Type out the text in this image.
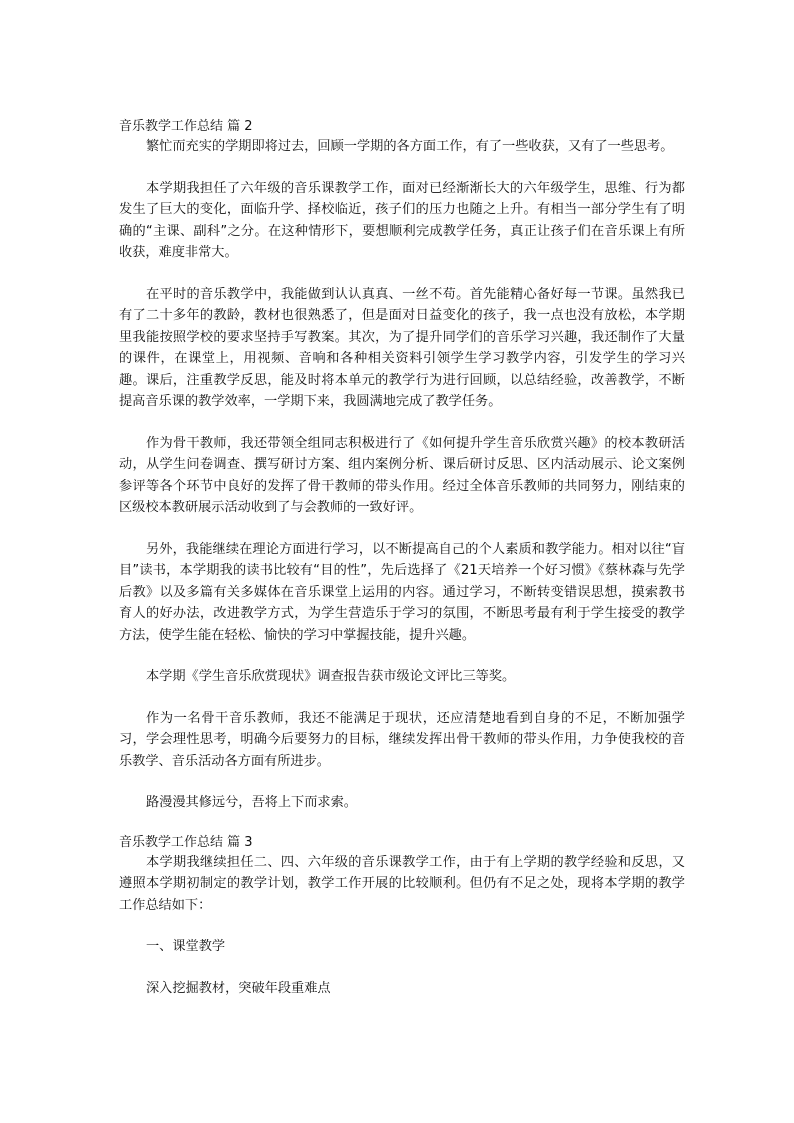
音乐教学工作总结 篇 2

繁忙而充实的学期即将过去，回顾一学期的各方面工作，有了一些收获，又有了一些思考。

本学期我担任了六年级的音乐课教学工作，面对已经渐渐长大的六年级学生，思维、行为都发生了巨大的变化，面临升学、择校临近，孩子们的压力也随之上升。有相当一部分学生有了明确的“主课、副科”之分。在这种情形下，要想顺利完成教学任务，真正让孩子们在音乐课上有所收获，难度非常大。

在平时的音乐教学中，我能做到认认真真、一丝不苟。首先能精心备好每一节课。虽然我已有了二十多年的教龄，教材也很熟悉了，但是面对日益变化的孩子，我一点也没有放松，本学期里我能按照学校的要求坚持手写教案。其次，为了提升同学们的音乐学习兴趣，我还制作了大量的课件，在课堂上，用视频、音响和各种相关资料引领学生学习教学内容，引发学生的学习兴趣。课后，注重教学反思，能及时将本单元的教学行为进行回顾，以总结经验，改善教学，不断提高音乐课的教学效率，一学期下来，我圆满地完成了教学任务。

作为骨干教师，我还带领全组同志积极进行了《如何提升学生音乐欣赏兴趣》的校本教研活动，从学生问卷调查、撰写研讨方案、组内案例分析、课后研讨反思、区内活动展示、论文案例参评等各个环节中良好的发挥了骨干教师的带头作用。经过全体音乐教师的共同努力，刚结束的区级校本教研展示活动收到了与会教师的一致好评。

另外，我能继续在理论方面进行学习，以不断提高自己的个人素质和教学能力。相对以往“盲目”读书，本学期我的读书比较有“目的性”，先后选择了《21天培养一个好习惯》《蔡林森与先学后教》以及多篇有关多媒体在音乐课堂上运用的内容。通过学习，不断转变错误思想，摸索教书育人的好办法，改进教学方式，为学生营造乐于学习的氛围，不断思考最有利于学生接受的教学方法，使学生能在轻松、愉快的学习中掌握技能，提升兴趣。

本学期《学生音乐欣赏现状》调查报告获市级论文评比三等奖。

作为一名骨干音乐教师，我还不能满足于现状，还应清楚地看到自身的不足，不断加强学习，学会理性思考，明确今后要努力的目标，继续发挥出骨干教师的带头作用，力争使我校的音乐教学、音乐活动各方面有所进步。

路漫漫其修远兮，吾将上下而求索。

音乐教学工作总结 篇 3

本学期我继续担任二、四、六年级的音乐课教学工作，由于有上学期的教学经验和反思，又遵照本学期初制定的教学计划，教学工作开展的比较顺利。但仍有不足之处，现将本学期的教学工作总结如下：

一、课堂教学

深入挖掘教材，突破年段重难点
